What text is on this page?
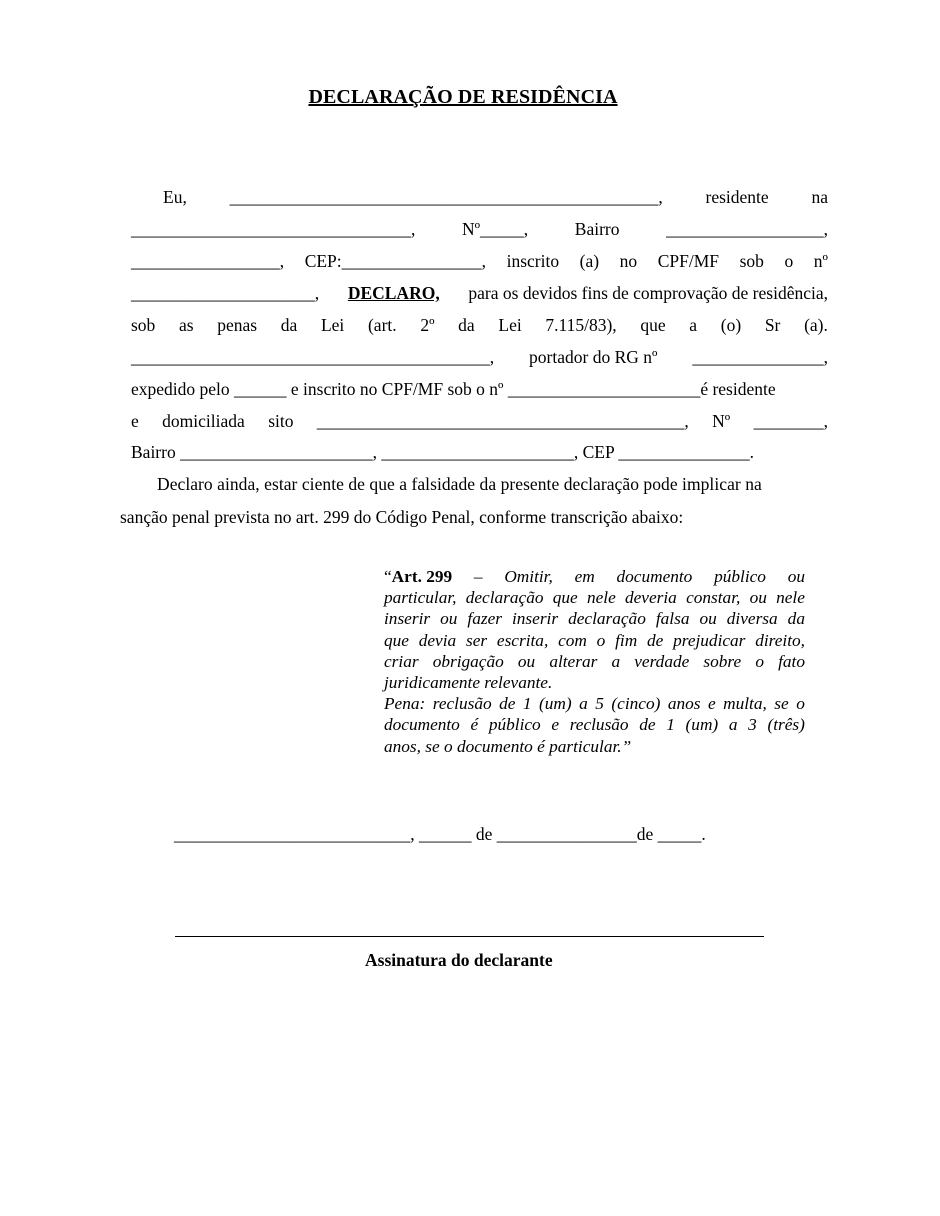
DECLARAÇÃO DE RESIDÊNCIA
Eu, _________________________________________________, residente na
________________________________,	Nº_____,	Bairro	__________________,
_________________, CEP:________________, inscrito (a) no CPF/MF sob o nº
_____________________, DECLARO, para os devidos fins de comprovação de residência,
sob as penas da Lei (art. 2º da Lei 7.115/83), que a (o) Sr (a).
_________________________________________, portador do RG nº _______________,
expedido pelo ______ e inscrito no CPF/MF sob o nº ______________________é residente
e domiciliada sito __________________________________________, Nº ________,
Bairro ______________________, ______________________, CEP _______________.
Declaro ainda, estar ciente de que a falsidade da presente declaração pode implicar na
sanção penal prevista no art. 299 do Código Penal, conforme transcrição abaixo:
“Art. 299 – Omitir, em documento público ou
particular, declaração que nele deveria constar, ou nele
inserir ou fazer inserir declaração falsa ou diversa da
que devia ser escrita, com o fim de prejudicar direito,
criar obrigação ou alterar a verdade sobre o fato
juridicamente relevante.
Pena: reclusão de 1 (um) a 5 (cinco) anos e multa, se o
documento é público e reclusão de 1 (um) a 3 (três)
anos, se o documento é particular.”
___________________________, ______ de ________________de _____.
Assinatura do declarante
